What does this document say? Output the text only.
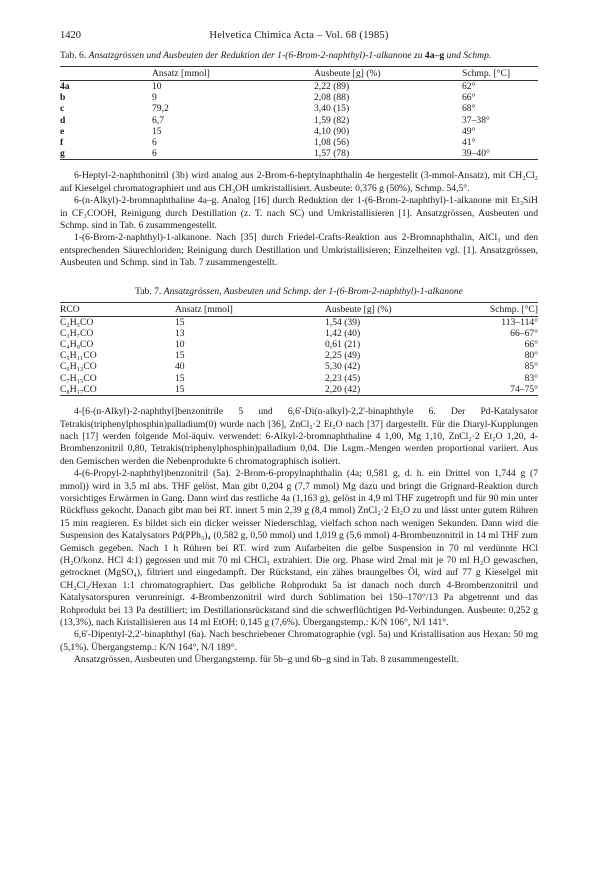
1420	Helvetica Chimica Acta – Vol. 68 (1985)
Tab. 6. Ansatzgrössen und Ausbeuten der Reduktion der 1-(6-Brom-2-naphthyl)-1-alkanone zu 4a–g und Schmp.
	Ansatz [mmol]	Ausbeute [g] (%)	Schmp. [°C]
4a	10	2,22 (89)	62°
b	9	2,08 (88)	66°
c	79,2	3,40 (15)	68°
d	6,7	1,59 (82)	37–38°
e	15	4,10 (90)	49°
f	6	1,08 (56)	41°
g	6	1,57 (78)	39–40°

6-Heptyl-2-naphthonitril (3b) wird analog aus 2-Brom-6-heptylnaphthalin 4e hergestellt (3-mmol-Ansatz), mit CH₂Cl₂ auf Kieselgel chromatographiert und aus CH₃OH umkristallisiert. Ausbeute: 0,376 g (50%), Schmp. 54,5°.

6-(n-Alkyl)-2-bromnaphthaline 4a–g. Analog [16] durch Reduktion der 1-(6-Brom-2-naphthyl)-1-alkanone mit Et₃SiH in CF₃COOH, Reinigung durch Destillation (z. T. nach SC) und Umkristallisieren [1]. Ansatzgrössen, Ausbeuten und Schmp. sind in Tab. 6 zusammengestellt.

1-(6-Brom-2-naphthyl)-1-alkanone. Nach [35] durch Friedel-Crafts-Reaktion aus 2-Bromnaphthalin, AlCl₃ und den entsprechenden Säurechloriden; Reinigung durch Destillation und Umkristallisieren; Einzelheiten vgl. [1]. Ansatzgrössen, Ausbeuten und Schmp. sind in Tab. 7 zusammengestellt.

Tab. 7. Ansatzgrössen, Ausbeuten und Schmp. der 1-(6-Brom-2-naphthyl)-1-alkanone
RCO	Ansatz [mmol]	Ausbeute [g] (%)	Schmp. [°C]
C₂H₅CO	15	1,54 (39)	113–114°
C₃H₇CO	13	1,42 (40)	66–67°
C₄H₉CO	10	0,61 (21)	66°
C₅H₁₁CO	15	2,25 (49)	80°
C₆H₁₃CO	40	5,30 (42)	85°
C₇H₁₅CO	15	2,23 (45)	83°
C₈H₁₇CO	15	2,20 (42)	74–75°

4-[6-(n-Alkyl)-2-naphthyl]benzonitrile 5 und 6,6'-Di(n-alkyl)-2,2'-binaphthyle 6. Der Pd-Katalysator Tetrakis(triphenylphosphin)palladium(0) wurde nach [36], ZnCl₂·2 Et₂O nach [37] dargestellt. Für die Diaryl-Kupplungen nach [17] werden folgende Mol-äquiv. verwendet: 6-Alkyl-2-bromnaphthaline 4 1,00, Mg 1,10, ZnCl₂·2 Et₂O 1,20, 4-Brombenzonitril 0,80, Tetrakis(triphenylphosphin)palladium 0,04. Die Lsgm.-Mengen werden proportional variiert. Aus den Gemischen werden die Nebenprodukte 6 chromatographisch isoliert.

4-(6-Propyl-2-naphthyl)benzonitril (5a). 2-Brom-6-propylnaphthalin (4a; 0,581 g, d. h. ein Drittel von 1,744 g (7 mmol)) wird in 3,5 ml abs. THF gelöst. Man gibt 0,204 g (7,7 mmol) Mg dazu und bringt die Grignard-Reaktion durch vorsichtiges Erwärmen in Gang. Dann wird das restliche 4a (1,163 g), gelöst in 4,9 ml THF zugetropft und für 90 min unter Rückfluss gekocht. Danach gibt man bei RT. innert 5 min 2,39 g (8,4 mmol) ZnCl₂·2 Et₂O zu und lässt unter gutem Rühren 15 min reagieren. Es bildet sich ein dicker weisser Niederschlag, vielfach schon nach wenigen Sekunden. Dann wird die Suspension des Katalysators Pd(PPh₃)₄ (0,582 g, 0,50 mmol) und 1,019 g (5,6 mmol) 4-Brombenzonitril in 14 ml THF zum Gemisch gegeben. Nach 1 h Rühren bei RT. wird zum Aufarbeiten die gelbe Suspension in 70 ml verdünnte HCl (H₂O/konz. HCl 4:1) gegossen und mit 70 ml CHCl₃ extrahiert. Die org. Phase wird 2mal mit je 70 ml H₂O gewaschen, getrocknet (MgSO₄), filtriert und eingedampft. Der Rückstand, ein zähes braungelbes Öl, wird auf 77 g Kieselgel mit CH₂Cl₂/Hexan 1:1 chromatographiert. Das gelbliche Rohprodukt 5a ist danach noch durch 4-Brombenzonitril und Katalysatorspuren verunreinigt. 4-Brombenzonitril wird durch Sublimation bei 150–170°/13 Pa abgetrennt und das Rohprodukt bei 13 Pa destilliert; im Destillationsrückstand sind die schwerflüchtigen Pd-Verbindungen. Ausbeute: 0,252 g (13,3%), nach Kristallisieren aus 14 ml EtOH: 0,145 g (7,6%). Übergangstemp.: K/N 106°, N/I 141°.

6,6'-Dipentyl-2,2'-binaphthyl (6a). Nach beschriebener Chromatographie (vgl. 5a) und Kristallisation aus Hexan: 50 mg (5,1%). Übergangstemp.: K/N 164°, N/I 189°.

Ansatzgrössen, Ausbeuten und Übergangstemp. für 5b–g und 6b–g sind in Tab. 8 zusammengestellt.
